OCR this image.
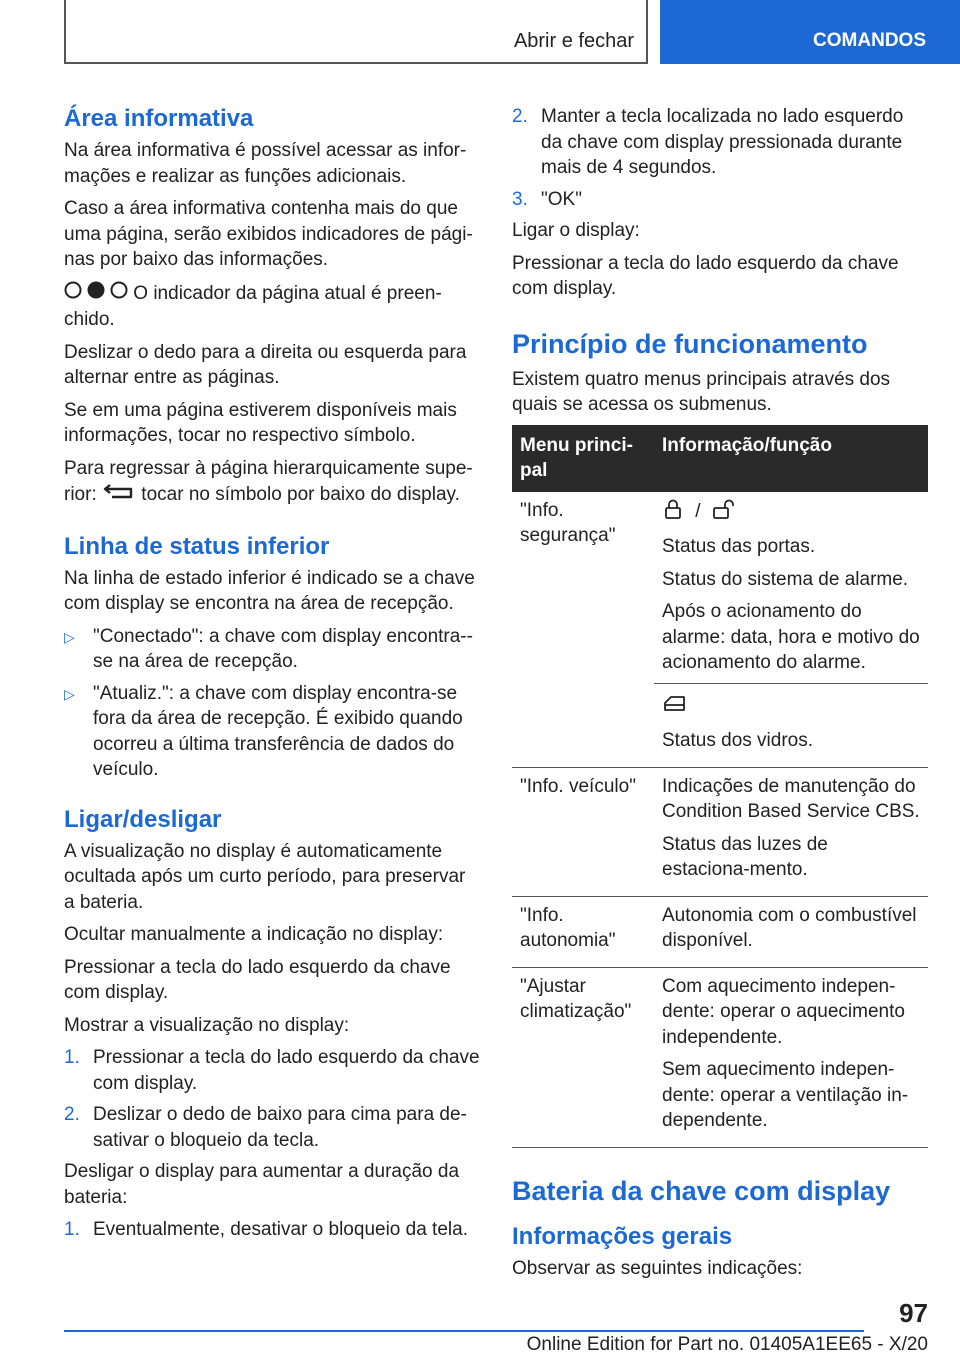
Abrir e fechar	COMANDOS
Área informativa

Na área informativa é possível acessar as infor-mações e realizar as funções adicionais.

Caso a área informativa contenha mais do que uma página, serão exibidos indicadores de pági-nas por baixo das informações.

O indicador da página atual é preen-chido.

Deslizar o dedo para a direita ou esquerda para alternar entre as páginas.

Se em uma página estiverem disponíveis mais informações, tocar no respectivo símbolo.

Para regressar à página hierarquicamente supe-rior: tocar no símbolo por baixo do display.

Linha de status inferior

Na linha de estado inferior é indicado se a chave com display se encontra na área de recepção.

▷ "Conectado": a chave com display encontra--se na área de recepção.
▷ "Atualiz.": a chave com display encontra-se fora da área de recepção. É exibido quando ocorreu a última transferência de dados do veículo.
Ligar/desligar

A visualização no display é automaticamente ocultada após um curto período, para preservar a bateria.

Ocultar manualmente a indicação no display:

Pressionar a tecla do lado esquerdo da chave com display.

Mostrar a visualização no display:

1. Pressionar a tecla do lado esquerdo da chave com display.
2. Deslizar o dedo de baixo para cima para de-sativar o bloqueio da tecla.

Desligar o display para aumentar a duração da bateria:

1. Eventualmente, desativar o bloqueio da tela.
2. Manter a tecla localizada no lado esquerdo da chave com display pressionada durante mais de 4 segundos.
3. "OK"

Ligar o display:

Pressionar a tecla do lado esquerdo da chave com display.

Princípio de funcionamento

Existem quatro menus principais através dos quais se acessa os submenus.

Menu princi-pal	Informação/função
"Info. segurança"	/

Status das portas.

Status do sistema de alarme.

Após o acionamento do alarme: data, hora e motivo do acionamento do alarme.

Status dos vidros.

"Info. veículo"	Indicações de manutenção do Condition Based Service CBS.

Status das luzes de estaciona-mento.

"Info. autonomia"	Autonomia com o combustível disponível.

"Ajustar climatização"	Com aquecimento indepen-dente: operar o aquecimento independente.

Sem aquecimento indepen-dente: operar a ventilação in-dependente.

Bateria da chave com display
Informações gerais

Observar as seguintes indicações:

97
Online Edition for Part no. 01405A1EE65 - X/20
